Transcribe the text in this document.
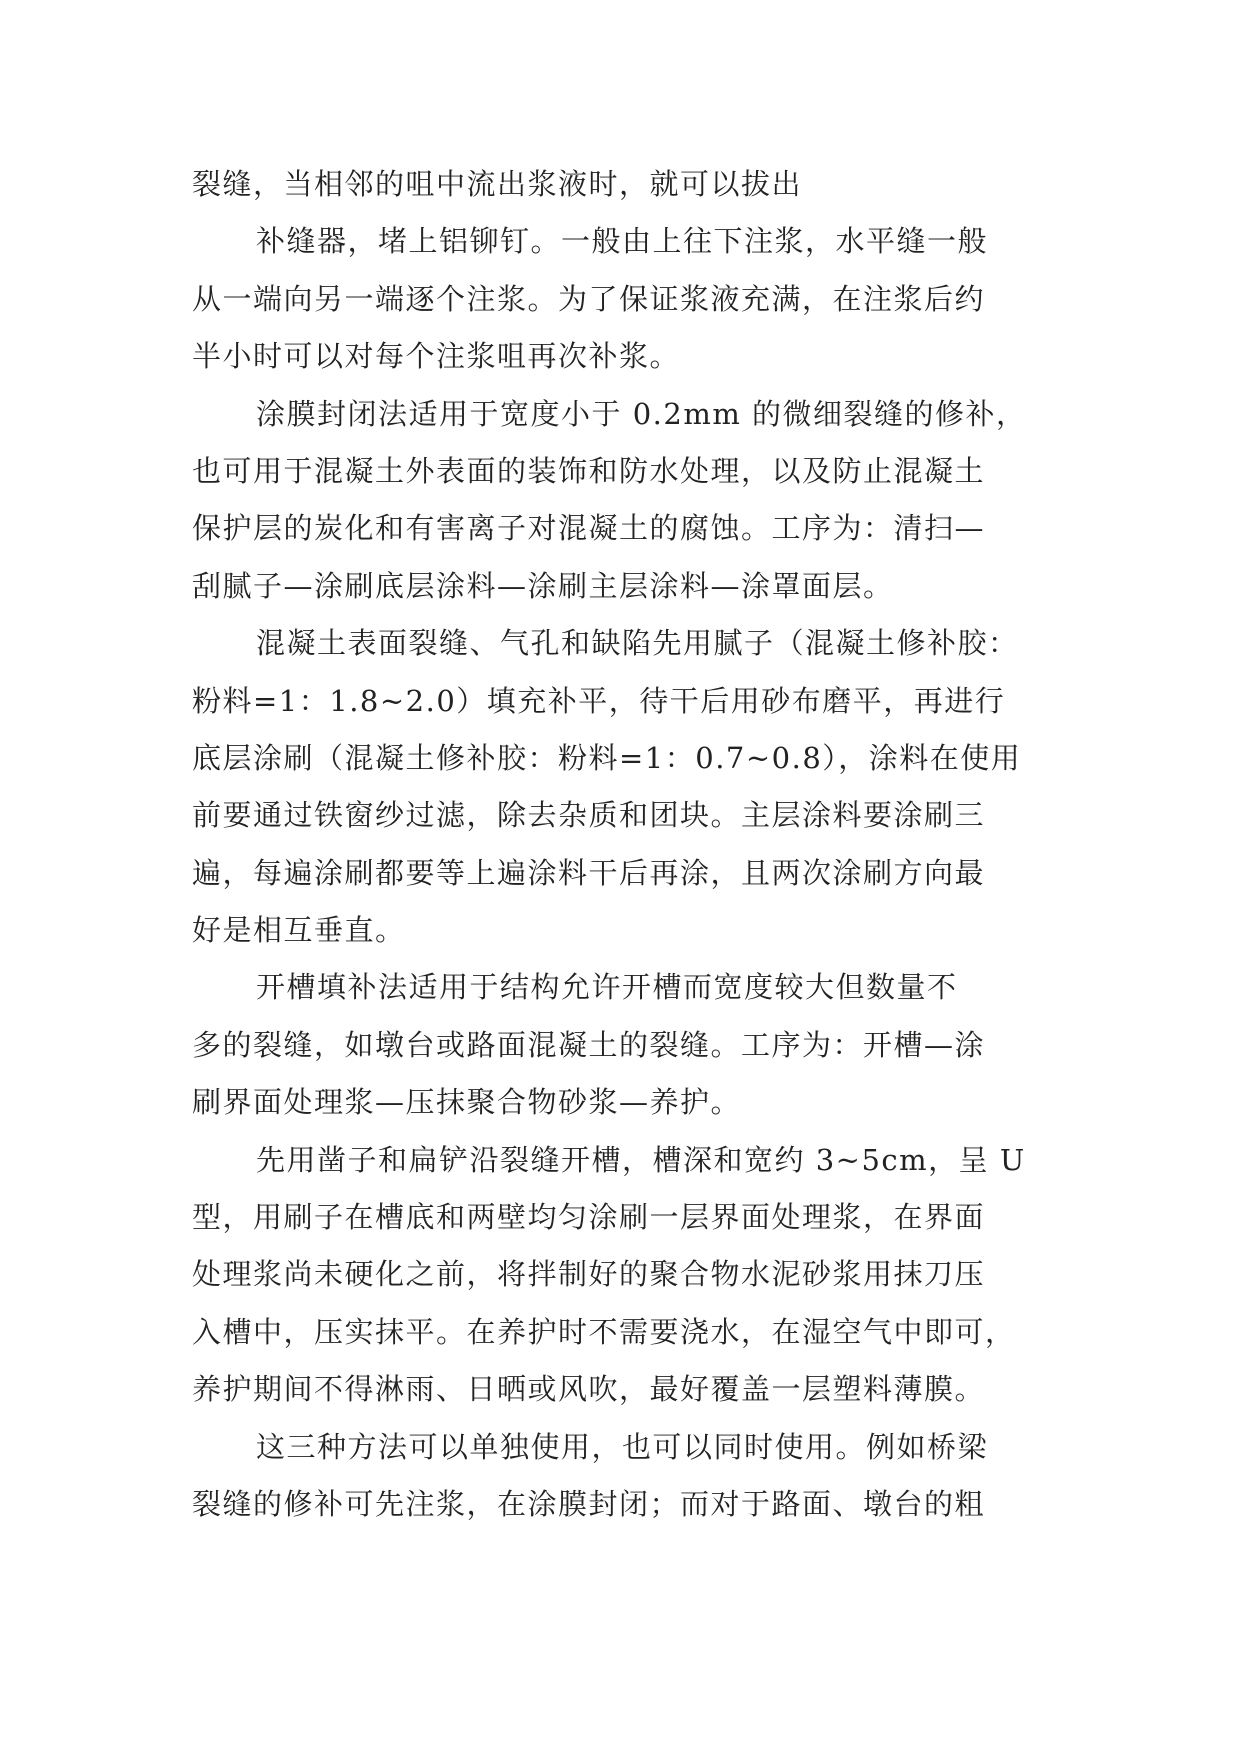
裂缝，当相邻的咀中流出浆液时，就可以拔出
补缝器，堵上铝铆钉。一般由上往下注浆，水平缝一般
从一端向另一端逐个注浆。为了保证浆液充满，在注浆后约
半小时可以对每个注浆咀再次补浆。
涂膜封闭法适用于宽度小于 0.2mm 的微细裂缝的修补，
也可用于混凝土外表面的装饰和防水处理，以及防止混凝土
保护层的炭化和有害离子对混凝土的腐蚀。工序为：清扫—
刮腻子—涂刷底层涂料—涂刷主层涂料—涂罩面层。
混凝土表面裂缝、气孔和缺陷先用腻子（混凝土修补胶：
粉料=1：1.8~2.0）填充补平，待干后用砂布磨平，再进行
底层涂刷（混凝土修补胶：粉料=1：0.7~0.8），涂料在使用
前要通过铁窗纱过滤，除去杂质和团块。主层涂料要涂刷三
遍，每遍涂刷都要等上遍涂料干后再涂，且两次涂刷方向最
好是相互垂直。
开槽填补法适用于结构允许开槽而宽度较大但数量不
多的裂缝，如墩台或路面混凝土的裂缝。工序为：开槽—涂
刷界面处理浆—压抹聚合物砂浆—养护。
先用凿子和扁铲沿裂缝开槽，槽深和宽约 3~5cm，呈 U
型，用刷子在槽底和两壁均匀涂刷一层界面处理浆，在界面
处理浆尚未硬化之前，将拌制好的聚合物水泥砂浆用抹刀压
入槽中，压实抹平。在养护时不需要浇水，在湿空气中即可，
养护期间不得淋雨、日晒或风吹，最好覆盖一层塑料薄膜。
这三种方法可以单独使用，也可以同时使用。例如桥梁
裂缝的修补可先注浆，在涂膜封闭；而对于路面、墩台的粗
